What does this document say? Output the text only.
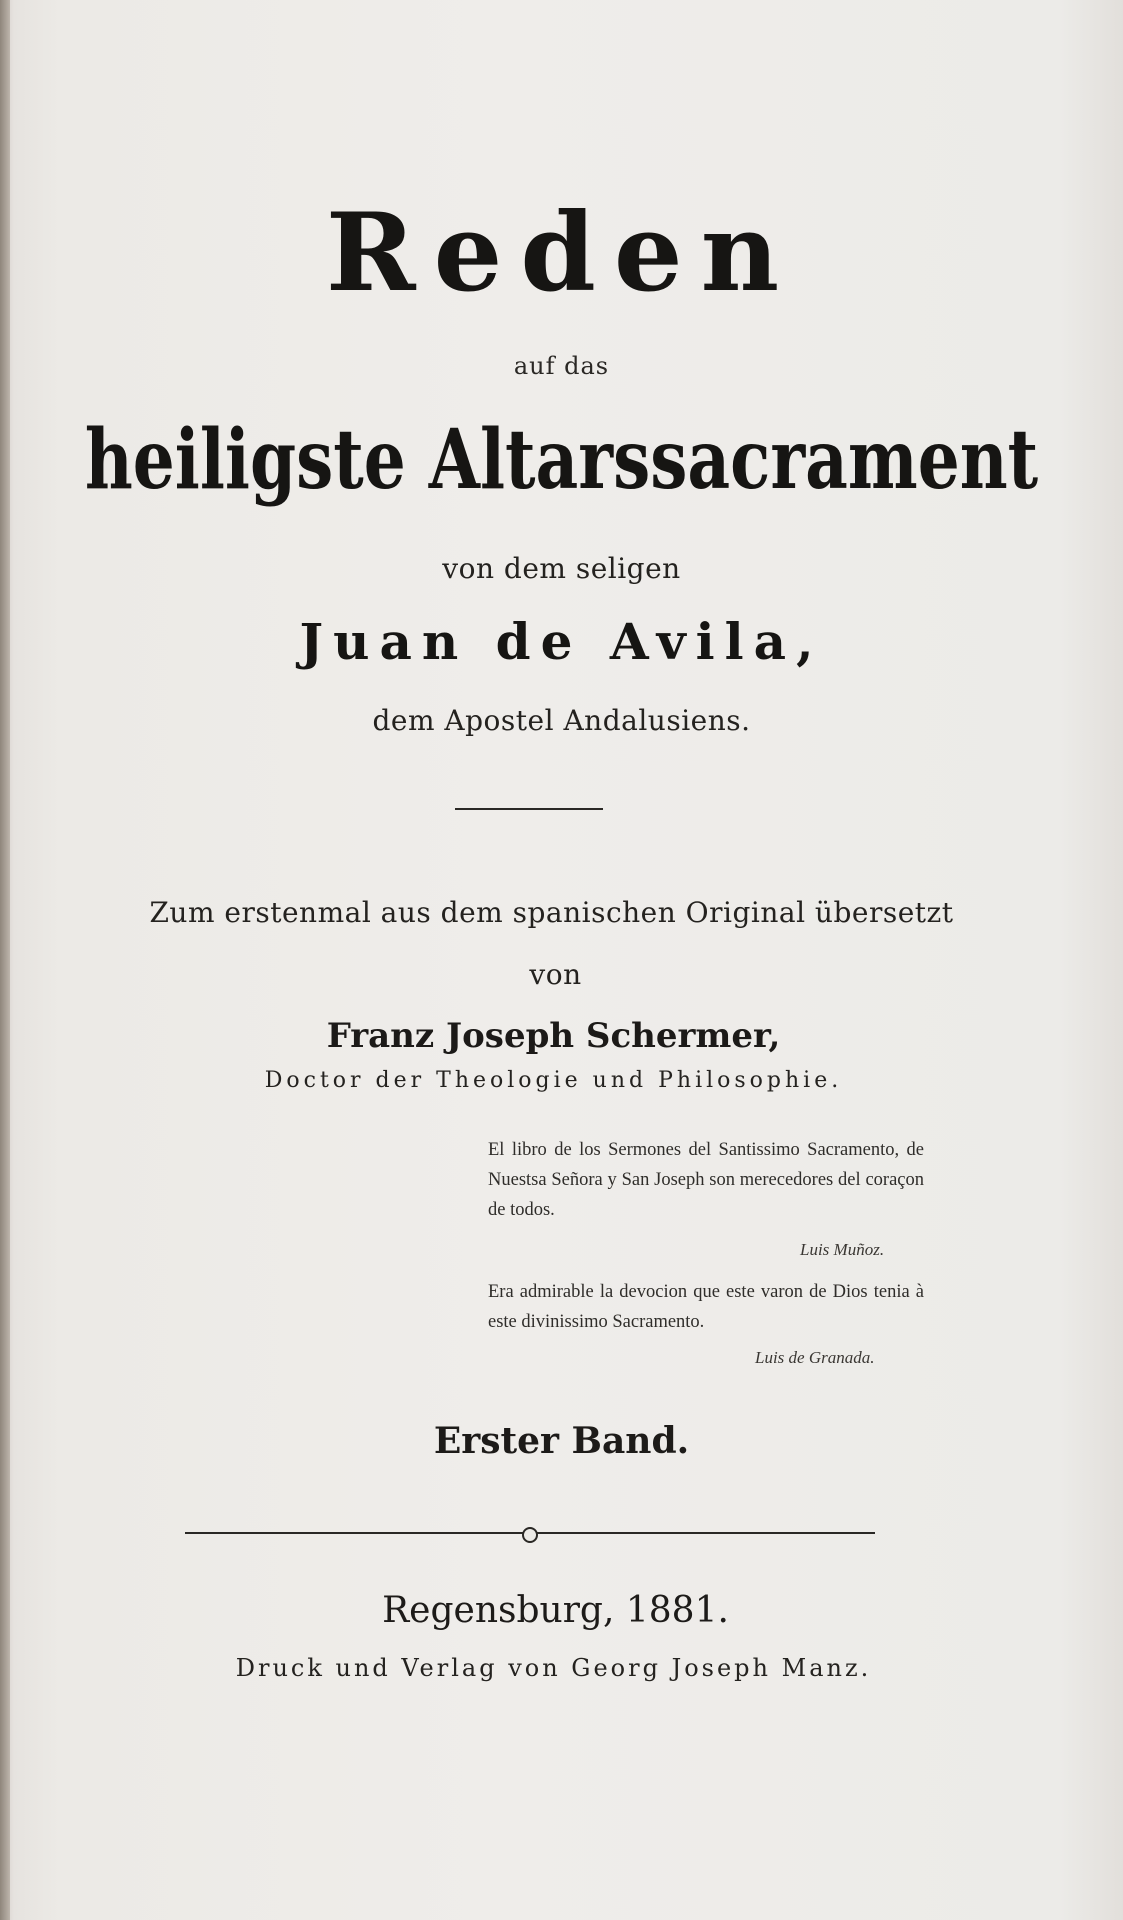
Reden
auf das
heiligste Altarssacrament
von dem seligen
Juan de Avila,
dem Apostel Andalusiens.
Zum erstenmal aus dem spanischen Original übersetzt
von
Franz Joseph Schermer,
Doctor der Theologie und Philosophie.
El libro de los Sermones del Santissimo Sacramento, de Nuestsa Señora y San Joseph son merecedores del coraçon de todos.
Luis Muñoz.
Era admirable la devocion que este varon de Dios tenia à este divinissimo Sacramento.
Luis de Granada.
Erster Band.
Regensburg, 1881.
Druck und Verlag von Georg Joseph Manz.
